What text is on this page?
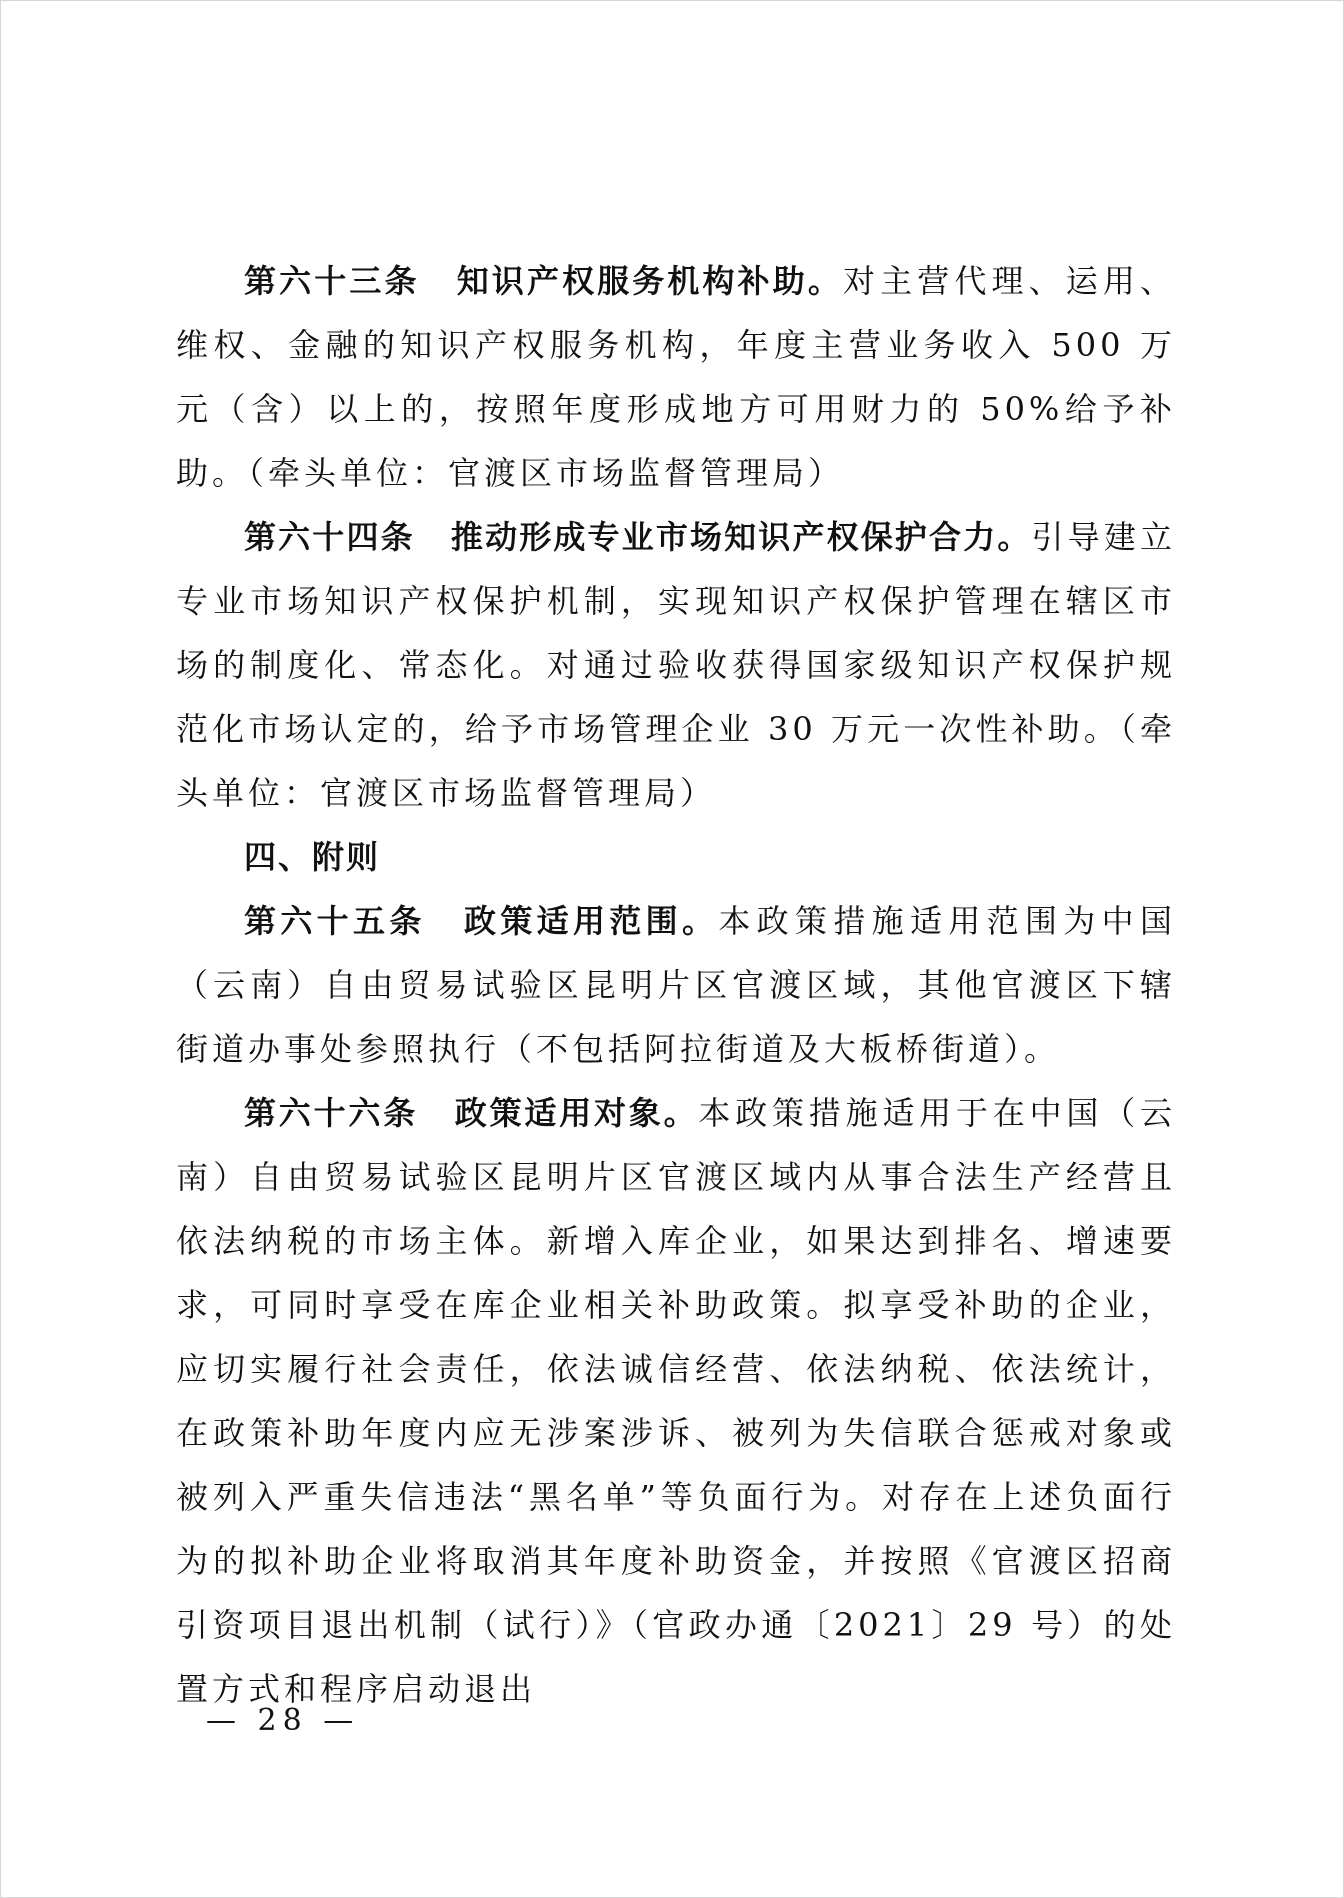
第六十三条 知识产权服务机构补助。对主营代理、运用、维权、金融的知识产权服务机构，年度主营业务收入 500 万元（含）以上的，按照年度形成地方可用财力的 50%给予补助。（牵头单位：官渡区市场监督管理局）

第六十四条 推动形成专业市场知识产权保护合力。引导建立专业市场知识产权保护机制，实现知识产权保护管理在辖区市场的制度化、常态化。对通过验收获得国家级知识产权保护规范化市场认定的，给予市场管理企业 30 万元一次性补助。（牵头单位：官渡区市场监督管理局）

四、附则

第六十五条 政策适用范围。本政策措施适用范围为中国（云南）自由贸易试验区昆明片区官渡区域，其他官渡区下辖街道办事处参照执行（不包括阿拉街道及大板桥街道）。

第六十六条 政策适用对象。本政策措施适用于在中国（云南）自由贸易试验区昆明片区官渡区域内从事合法生产经营且依法纳税的市场主体。新增入库企业，如果达到排名、增速要求，可同时享受在库企业相关补助政策。拟享受补助的企业，应切实履行社会责任，依法诚信经营、依法纳税、依法统计，在政策补助年度内应无涉案涉诉、被列为失信联合惩戒对象或被列入严重失信违法“黑名单”等负面行为。对存在上述负面行为的拟补助企业将取消其年度补助资金，并按照《官渡区招商引资项目退出机制（试行）》（官政办通〔2021〕29 号）的处置方式和程序启动退出

— 28 —
